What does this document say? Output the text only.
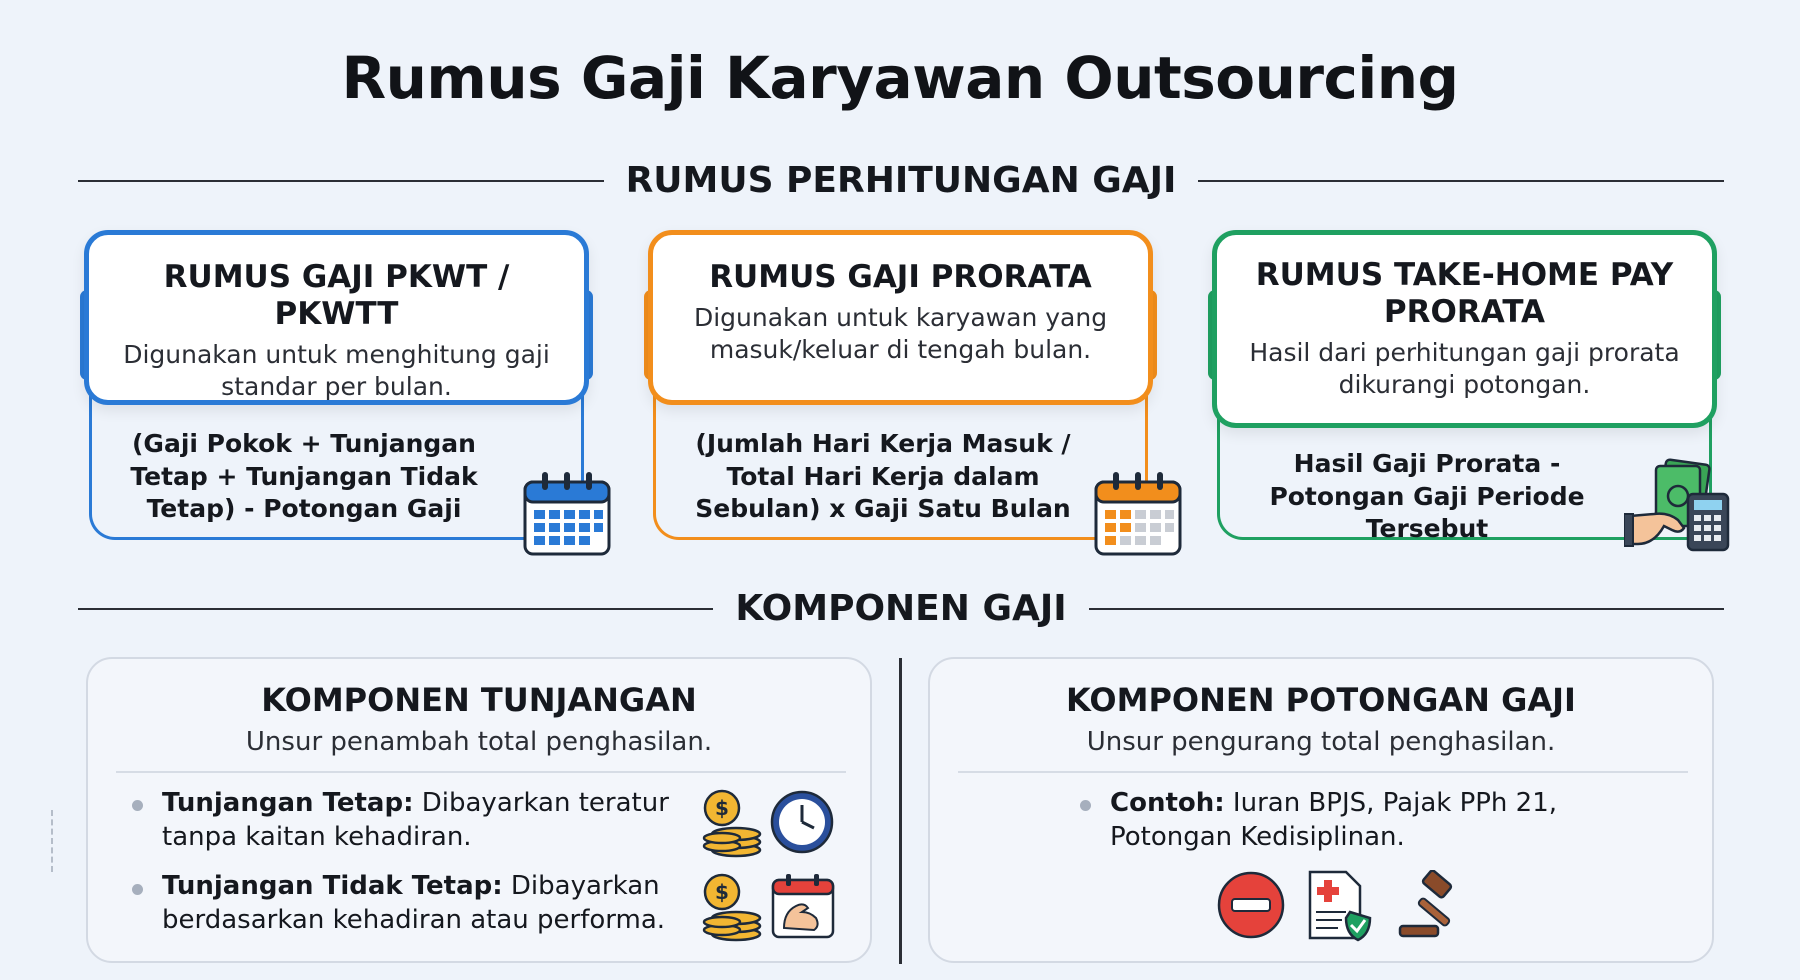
Rumus Gaji Karyawan Outsourcing
RUMUS PERHITUNGAN GAJI
RUMUS GAJI PKWT / PKWTT

Digunakan untuk menghitung gaji standar per bulan.

(Gaji Pokok + Tunjangan Tetap + Tunjangan Tidak Tetap) - Potongan Gaji
RUMUS GAJI PRORATA

Digunakan untuk karyawan yang masuk/keluar di tengah bulan.

(Jumlah Hari Kerja Masuk / Total Hari Kerja dalam Sebulan) x Gaji Satu Bulan
RUMUS TAKE-HOME PAY PRORATA

Hasil dari perhitungan gaji prorata dikurangi potongan.

Hasil Gaji Prorata - Potongan Gaji Periode Tersebut
KOMPONEN GAJI
KOMPONEN TUNJANGAN
Unsur penambah total penghasilan.
Tunjangan Tetap: Dibayarkan teratur tanpa kaitan kehadiran.
Tunjangan Tidak Tetap: Dibayarkan berdasarkan kehadiran atau performa.
$
$
KOMPONEN POTONGAN GAJI
Unsur pengurang total penghasilan.
Contoh: Iuran BPJS, Pajak PPh 21, Potongan Kedisiplinan.
